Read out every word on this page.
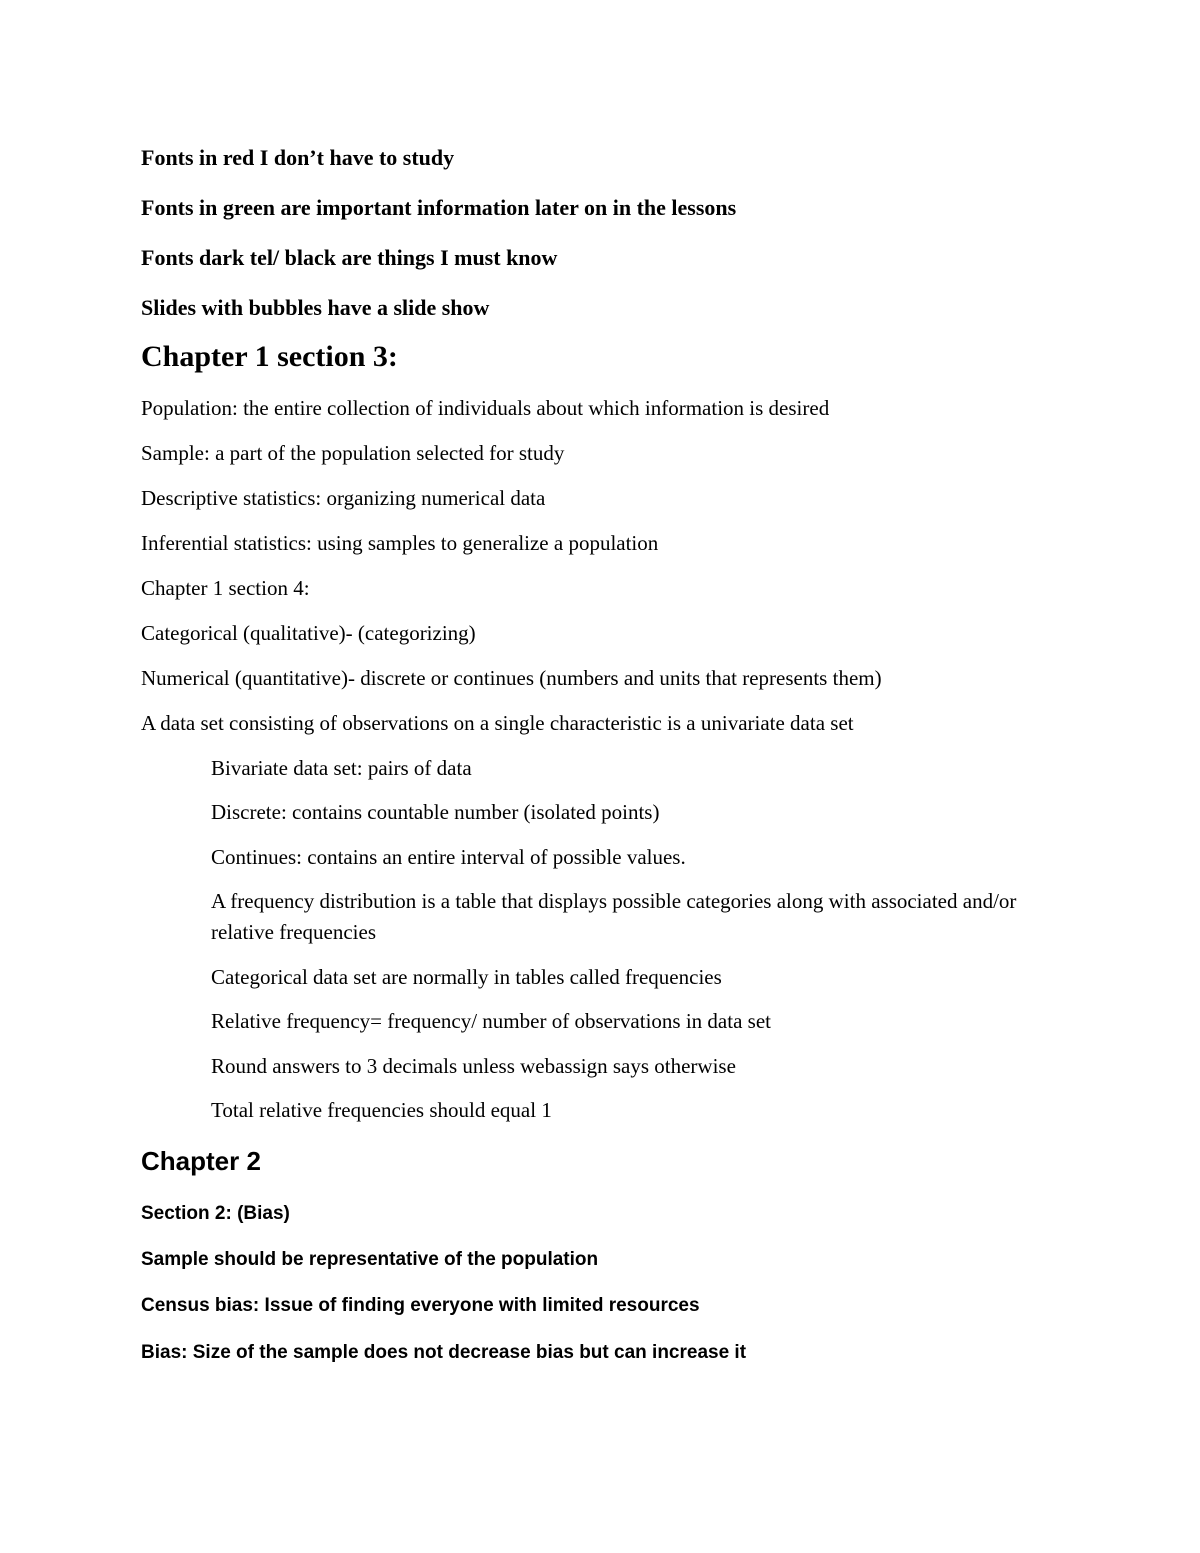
Fonts in red I don’t have to study
Fonts in green are important information later on in the lessons
Fonts dark tel/ black are things I must know
Slides with bubbles have a slide show
Chapter 1 section 3:
Population: the entire collection of individuals about which information is desired
Sample: a part of the population selected for study
Descriptive statistics: organizing numerical data
Inferential statistics: using samples to generalize a population
Chapter 1 section 4:
Categorical (qualitative)- (categorizing)
Numerical (quantitative)- discrete or continues (numbers and units that represents them)
A data set consisting of observations on a single characteristic is a univariate data set
Bivariate data set: pairs of data
Discrete: contains countable number (isolated points)
Continues: contains an entire interval of possible values.
A frequency distribution is a table that displays possible categories along with associated and/or relative frequencies
Categorical data set are normally in tables called frequencies
Relative frequency= frequency/ number of observations in data set
Round answers to 3 decimals unless webassign says otherwise
Total relative frequencies should equal 1
Chapter 2
Section 2: (Bias)
Sample should be representative of the population
Census bias: Issue of finding everyone with limited resources
Bias: Size of the sample does not decrease bias but can increase it
